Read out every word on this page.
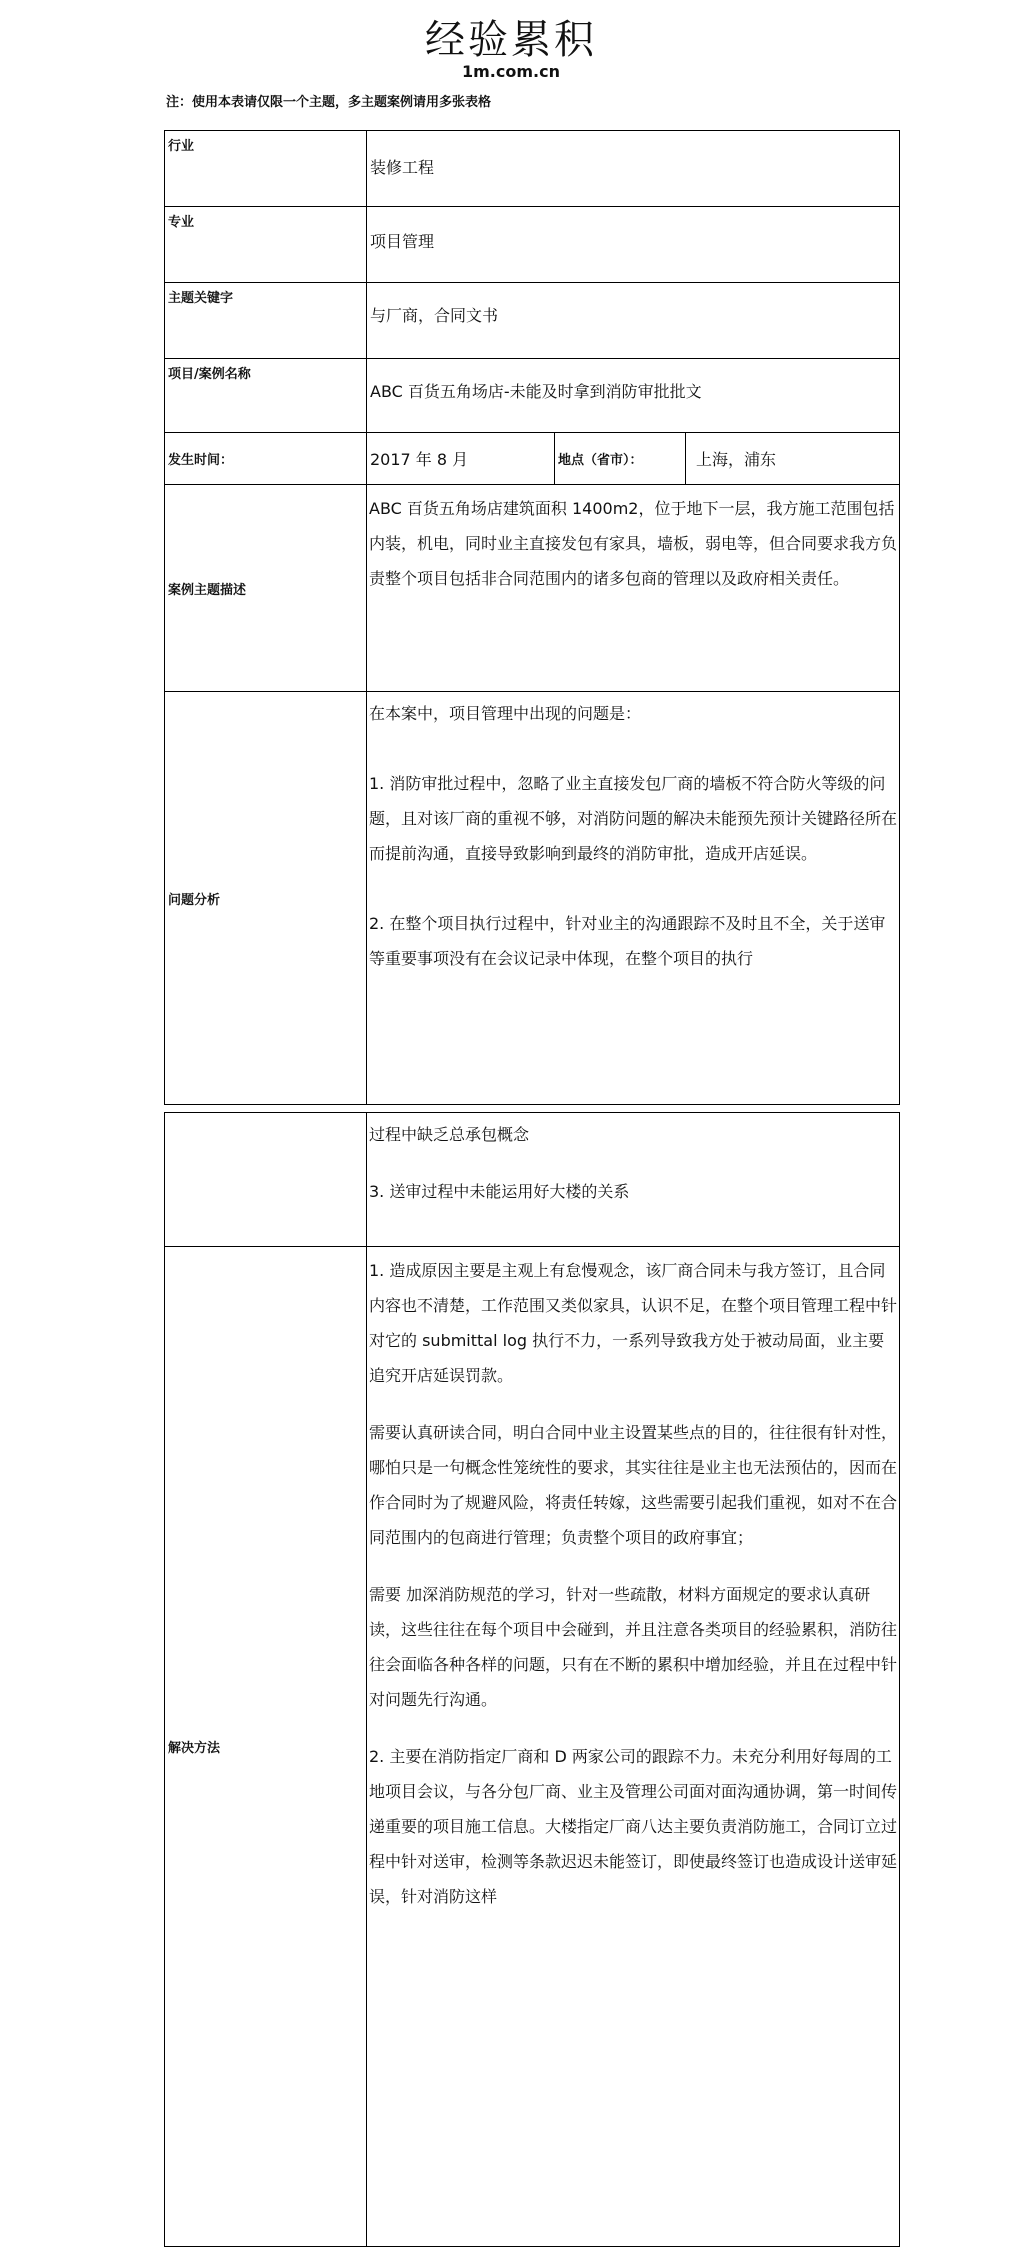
经验累积
1m.com.cn
注：使用本表请仅限一个主题，多主题案例请用多张表格
行业	装修工程		
专业	项目管理		
主题关键字	与厂商，合同文书		
项目/案例名称	ABC 百货五角场店-未能及时拿到消防审批批文		
发生时间：	2017 年 8 月	地点（省市）：	上海，浦东
案例主题描述	ABC 百货五角场店建筑面积 1400m2，位于地下一层，我方施工范围包括内装，机电，同时业主直接发包有家具，墙板，弱电等，但合同要求我方负责整个项目包括非合同范围内的诸多包商的管理以及政府相关责任。		

问题分析	在本案中，项目管理中出现的问题是：

1. 消防审批过程中，忽略了业主直接发包厂商的墙板不符合防火等级的问题，且对该厂商的重视不够，对消防问题的解决未能预先预计关键路径所在而提前沟通，直接导致影响到最终的消防审批，造成开店延误。

2. 在整个项目执行过程中，针对业主的沟通跟踪不及时且不全，关于送审等重要事项没有在会议记录中体现，在整个项目的执行		

	过程中缺乏总承包概念

3. 送审过程中未能运用好大楼的关系

解决方法	1. 造成原因主要是主观上有怠慢观念，该厂商合同未与我方签订，且合同内容也不清楚，工作范围又类似家具，认识不足，在整个项目管理工程中针对它的 submittal log 执行不力，一系列导致我方处于被动局面，业主要追究开店延误罚款。

需要认真研读合同，明白合同中业主设置某些点的目的，往往很有针对性，哪怕只是一句概念性笼统性的要求，其实往往是业主也无法预估的，因而在作合同时为了规避风险，将责任转嫁，这些需要引起我们重视，如对不在合同范围内的包商进行管理；负责整个项目的政府事宜；

需要 加深消防规范的学习，针对一些疏散，材料方面规定的要求认真研读，这些往往在每个项目中会碰到，并且注意各类项目的经验累积，消防往往会面临各种各样的问题，只有在不断的累积中增加经验，并且在过程中针对问题先行沟通。

2. 主要在消防指定厂商和 D 两家公司的跟踪不力。未充分利用好每周的工地项目会议，与各分包厂商、业主及管理公司面对面沟通协调，第一时间传递重要的项目施工信息。大楼指定厂商八达主要负责消防施工，合同订立过程中针对送审，检测等条款迟迟未能签订，即使最终签订也造成设计送审延误，针对消防这样
